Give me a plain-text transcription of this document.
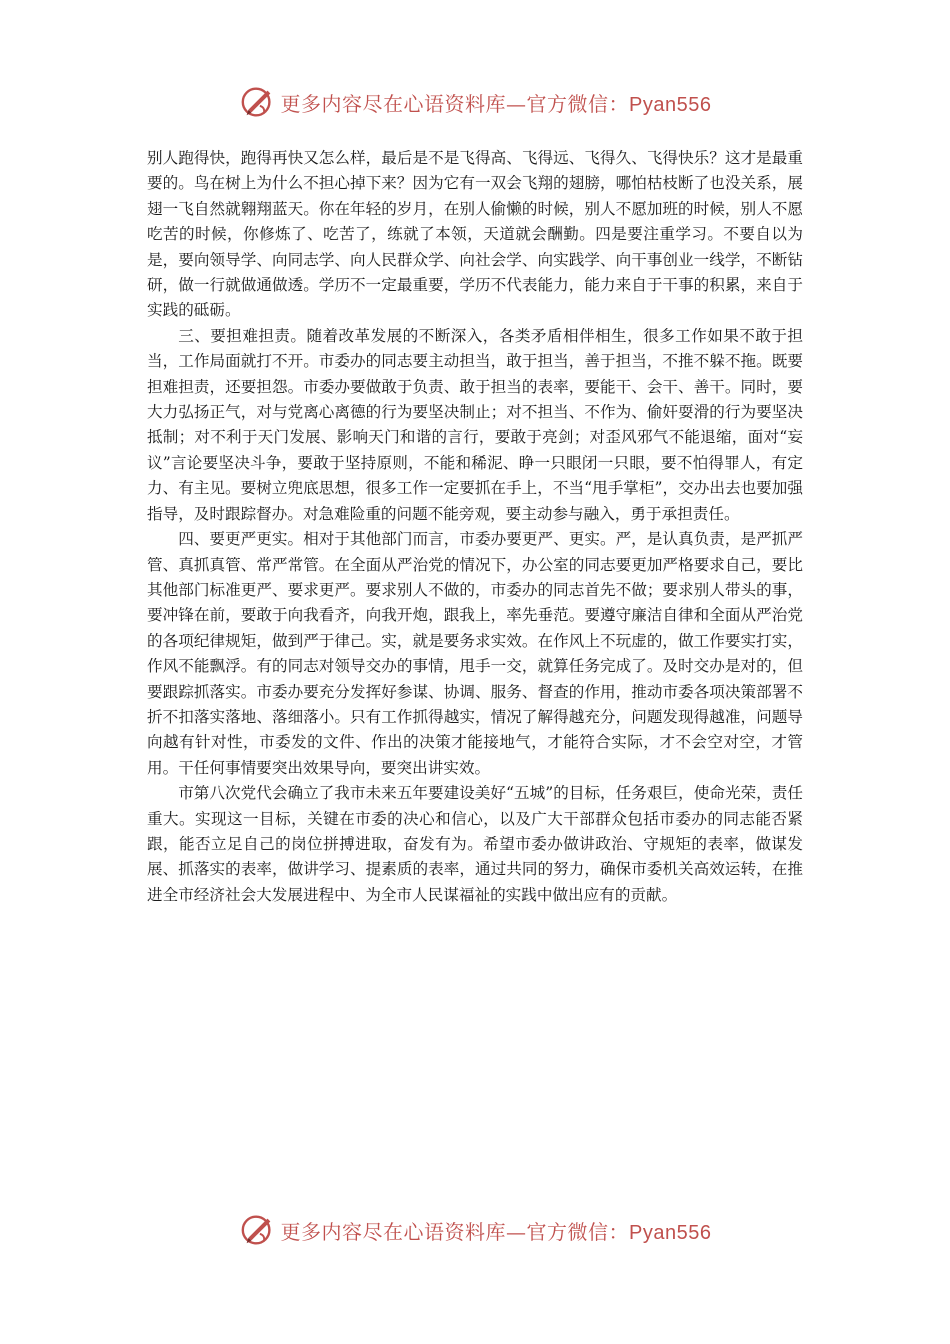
更多内容尽在心语资料库—官方微信：Pyan556

别人跑得快，跑得再快又怎么样，最后是不是飞得高、飞得远、飞得久、飞得快乐？这才是最重要的。鸟在树上为什么不担心掉下来？因为它有一双会飞翔的翅膀，哪怕枯枝断了也没关系，展翅一飞自然就翱翔蓝天。你在年轻的岁月，在别人偷懒的时候，别人不愿加班的时候，别人不愿吃苦的时候，你修炼了、吃苦了，练就了本领，天道就会酬勤。四是要注重学习。不要自以为是，要向领导学、向同志学、向人民群众学、向社会学、向实践学、向干事创业一线学，不断钻研，做一行就做通做透。学历不一定最重要，学历不代表能力，能力来自于干事的积累，来自于实践的砥砺。

三、要担难担责。随着改革发展的不断深入，各类矛盾相伴相生，很多工作如果不敢于担当，工作局面就打不开。市委办的同志要主动担当，敢于担当，善于担当，不推不躲不拖。既要担难担责，还要担怨。市委办要做敢于负责、敢于担当的表率，要能干、会干、善干。同时，要大力弘扬正气，对与党离心离德的行为要坚决制止；对不担当、不作为、偷奸耍滑的行为要坚决抵制；对不利于天门发展、影响天门和谐的言行，要敢于亮剑；对歪风邪气不能退缩，面对“妄议”言论要坚决斗争，要敢于坚持原则，不能和稀泥、睁一只眼闭一只眼，要不怕得罪人，有定力、有主见。要树立兜底思想，很多工作一定要抓在手上，不当“甩手掌柜”，交办出去也要加强指导，及时跟踪督办。对急难险重的问题不能旁观，要主动参与融入，勇于承担责任。

四、要更严更实。相对于其他部门而言，市委办要更严、更实。严，是认真负责，是严抓严管、真抓真管、常严常管。在全面从严治党的情况下，办公室的同志要更加严格要求自己，要比其他部门标准更严、要求更严。要求别人不做的，市委办的同志首先不做；要求别人带头的事，要冲锋在前，要敢于向我看齐，向我开炮，跟我上，率先垂范。要遵守廉洁自律和全面从严治党的各项纪律规矩，做到严于律己。实，就是要务求实效。在作风上不玩虚的，做工作要实打实，作风不能飘浮。有的同志对领导交办的事情，甩手一交，就算任务完成了。及时交办是对的，但要跟踪抓落实。市委办要充分发挥好参谋、协调、服务、督查的作用，推动市委各项决策部署不折不扣落实落地、落细落小。只有工作抓得越实，情况了解得越充分，问题发现得越准，问题导向越有针对性，市委发的文件、作出的决策才能接地气，才能符合实际，才不会空对空，才管用。干任何事情要突出效果导向，要突出讲实效。

市第八次党代会确立了我市未来五年要建设美好“五城”的目标，任务艰巨，使命光荣，责任重大。实现这一目标，关键在市委的决心和信心，以及广大干部群众包括市委办的同志能否紧跟，能否立足自己的岗位拼搏进取，奋发有为。希望市委办做讲政治、守规矩的表率，做谋发展、抓落实的表率，做讲学习、提素质的表率，通过共同的努力，确保市委机关高效运转，在推进全市经济社会大发展进程中、为全市人民谋福祉的实践中做出应有的贡献。

更多内容尽在心语资料库—官方微信：Pyan556
